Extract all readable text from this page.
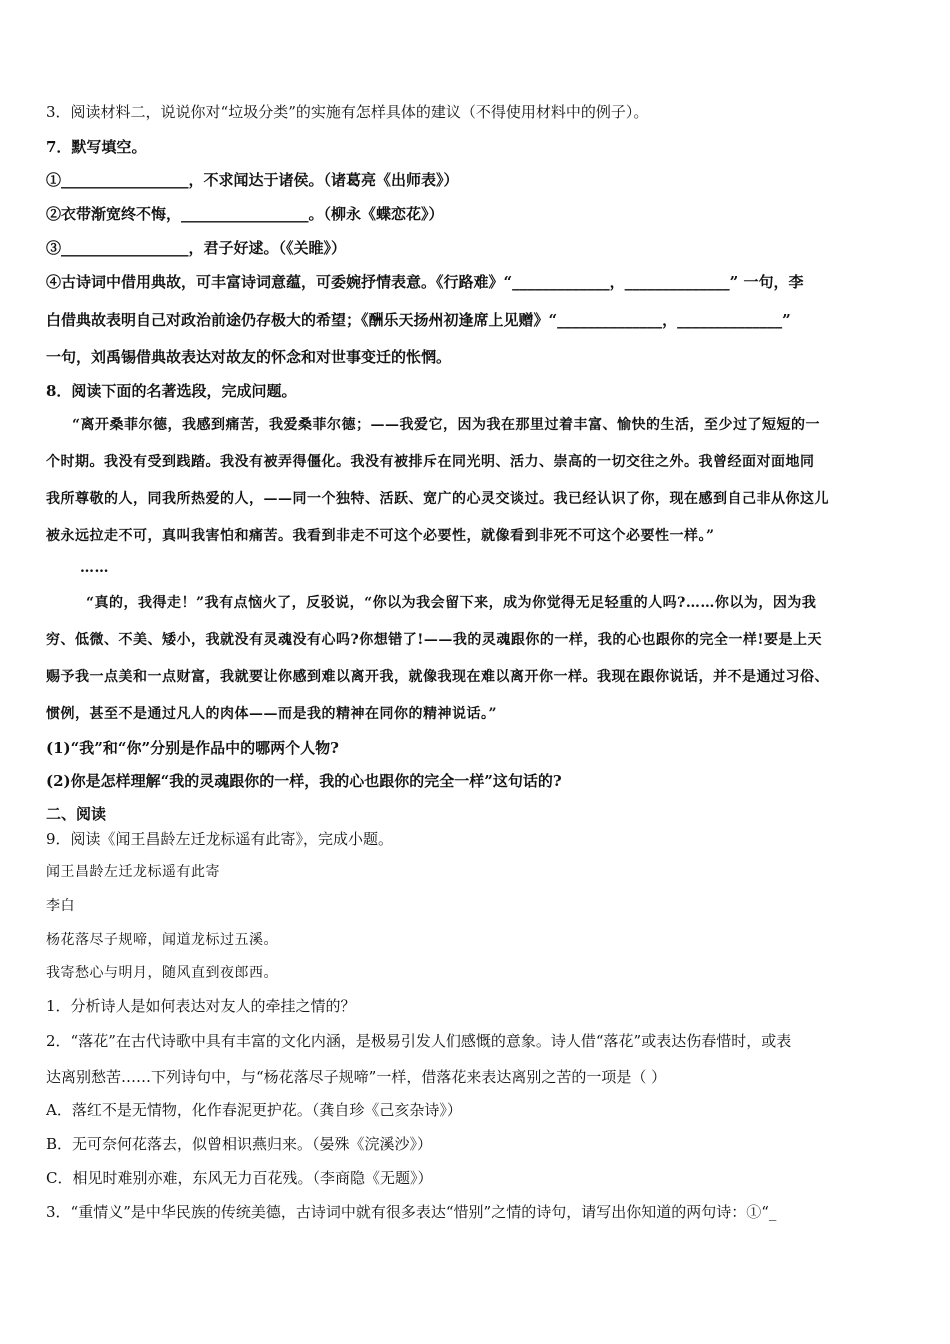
3．阅读材料二，说说你对“垃圾分类”的实施有怎样具体的建议（不得使用材料中的例子）。
7．默写填空。
①_________________，不求闻达于诸侯。（诸葛亮《出师表》）
②衣带渐宽终不悔，_________________。（柳永《蝶恋花》）
③_________________，君子好逑。（《关睢》）
④古诗词中借用典故，可丰富诗词意蕴，可委婉抒情表意。《行路难》“_____________，______________” 一句，李
白借典故表明自己对政治前途仍存极大的希望；《酬乐天扬州初逢席上见赠》“______________，______________”
一句，刘禹锡借典故表达对故友的怀念和对世事变迁的怅惘。
8．阅读下面的名著选段，完成问题。
“离开桑菲尔德，我感到痛苦，我爱桑菲尔德；——我爱它，因为我在那里过着丰富、愉快的生活，至少过了短短的一
个时期。我没有受到践踏。我没有被弄得僵化。我没有被排斥在同光明、活力、崇高的一切交往之外。我曾经面对面地同
我所尊敬的人，同我所热爱的人，——同一个独特、活跃、宽广的心灵交谈过。我已经认识了你，现在感到自己非从你这儿
被永远拉走不可，真叫我害怕和痛苦。我看到非走不可这个必要性，就像看到非死不可这个必要性一样。”
……
“真的，我得走！”我有点恼火了，反驳说，“你以为我会留下来，成为你觉得无足轻重的人吗?……你以为，因为我
穷、低微、不美、矮小，我就没有灵魂没有心吗?你想错了!——我的灵魂跟你的一样，我的心也跟你的完全一样!要是上天
赐予我一点美和一点财富，我就要让你感到难以离开我，就像我现在难以离开你一样。我现在跟你说话，并不是通过习俗、
惯例，甚至不是通过凡人的肉体——而是我的精神在同你的精神说话。”
(1)“我”和“你”分别是作品中的哪两个人物?
(2)你是怎样理解“我的灵魂跟你的一样，我的心也跟你的完全一样”这句话的?
二、阅读
9．阅读《闻王昌龄左迁龙标遥有此寄》，完成小题。
闻王昌龄左迁龙标遥有此寄
李白
杨花落尽子规啼，闻道龙标过五溪。
我寄愁心与明月，随风直到夜郎西。
1．分析诗人是如何表达对友人的牵挂之情的？
2．“落花”在古代诗歌中具有丰富的文化内涵，是极易引发人们感慨的意象。诗人借“落花”或表达伤春惜时，或表
达离别愁苦……下列诗句中，与“杨花落尽子规啼”一样，借落花来表达离别之苦的一项是（ ）
A．落红不是无情物，化作春泥更护花。（龚自珍《己亥杂诗》）
B．无可奈何花落去，似曾相识燕归来。（晏殊《浣溪沙》）
C．相见时难别亦难，东风无力百花残。（李商隐《无题》）
3．“重情义”是中华民族的传统美德，古诗词中就有很多表达“惜别”之情的诗句，请写出你知道的两句诗：①“_
